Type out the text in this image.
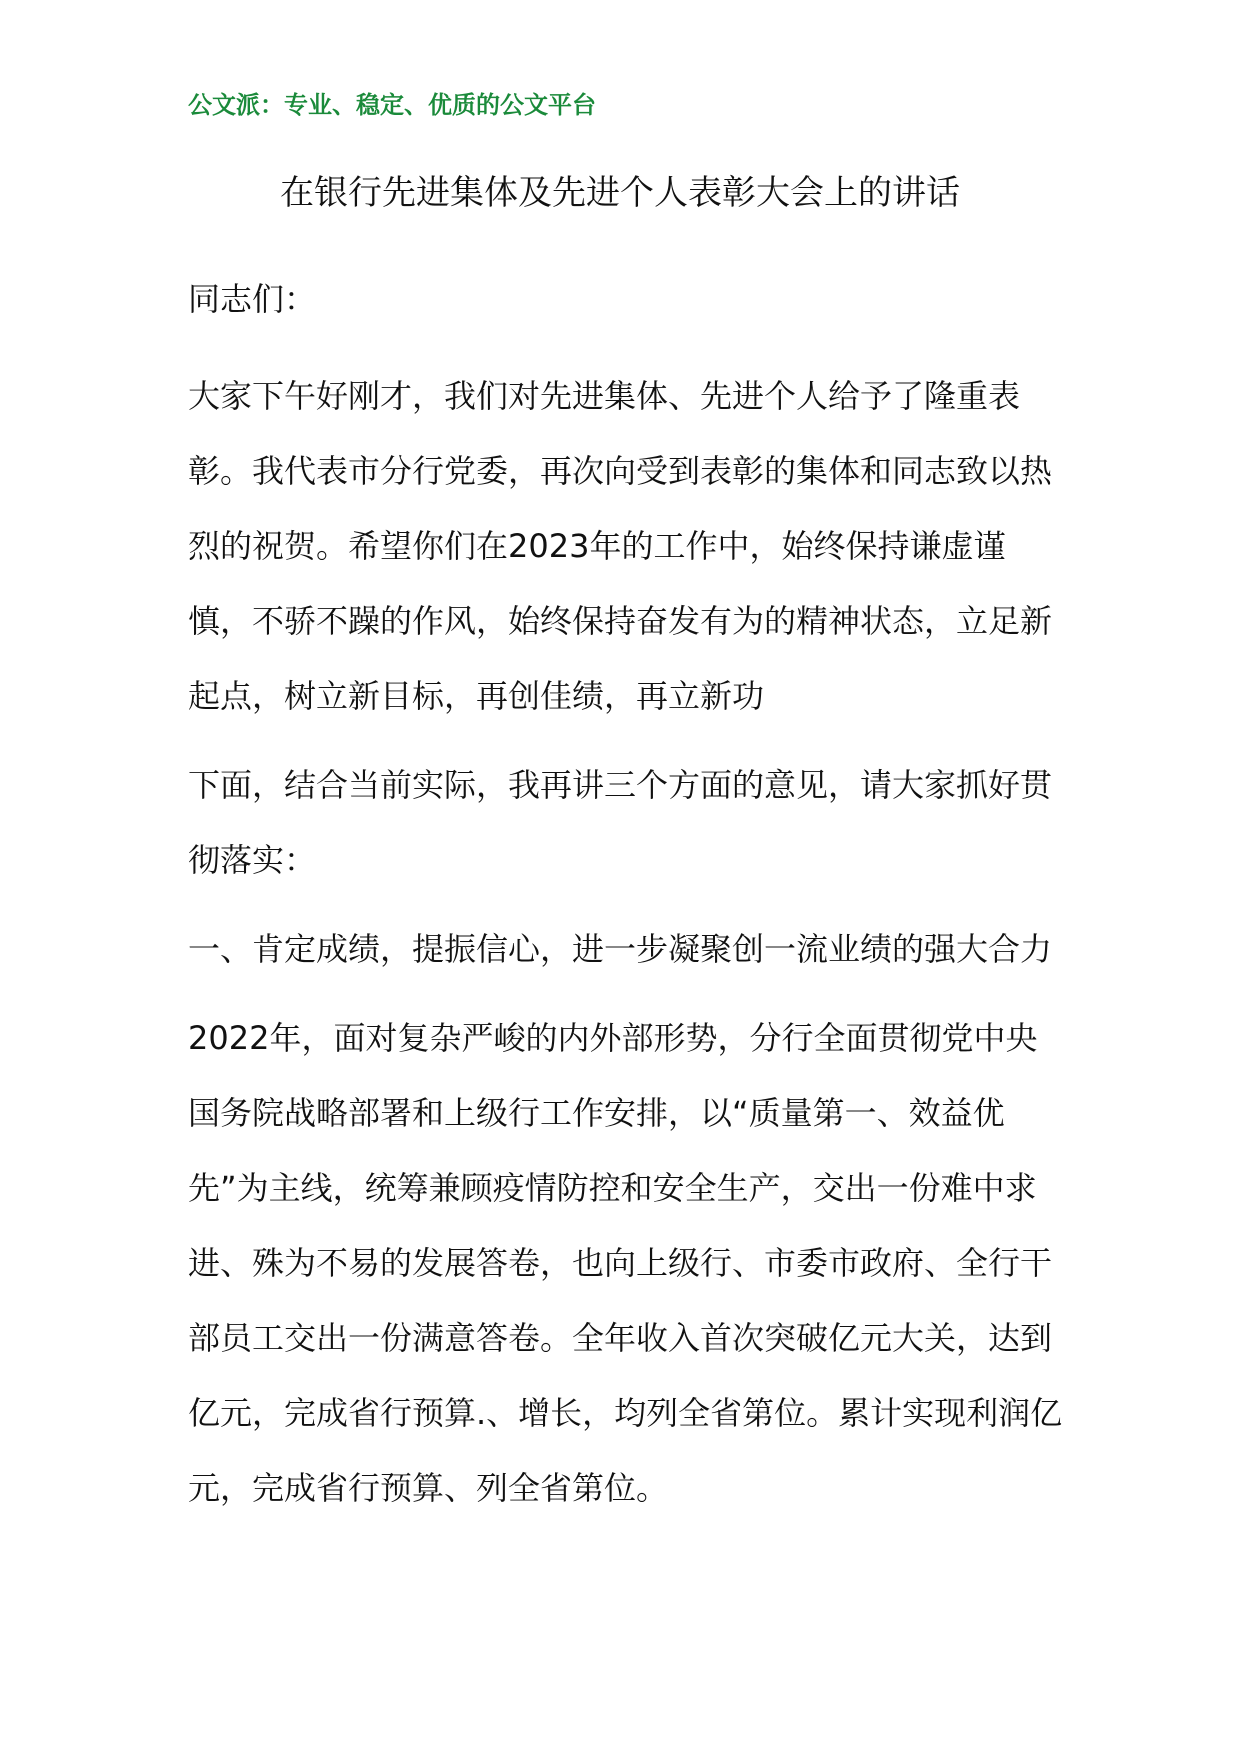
公文派：专业、稳定、优质的公文平台
在银行先进集体及先进个人表彰大会上的讲话

同志们：

大家下午好刚才，我们对先进集体、先进个人给予了隆重表彰。我代表市分行党委，再次向受到表彰的集体和同志致以热烈的祝贺。希望你们在2023年的工作中，始终保持谦虚谨慎，不骄不躁的作风，始终保持奋发有为的精神状态，立足新起点，树立新目标，再创佳绩，再立新功

下面，结合当前实际，我再讲三个方面的意见，请大家抓好贯彻落实：

一、肯定成绩，提振信心，进一步凝聚创一流业绩的强大合力

2022年，面对复杂严峻的内外部形势，分行全面贯彻党中央国务院战略部署和上级行工作安排，以“质量第一、效益优先”为主线，统筹兼顾疫情防控和安全生产，交出一份难中求进、殊为不易的发展答卷，也向上级行、市委市政府、全行干部员工交出一份满意答卷。全年收入首次突破亿元大关，达到亿元，完成省行预算.、增长，均列全省第位。累计实现利润亿元，完成省行预算、列全省第位。
